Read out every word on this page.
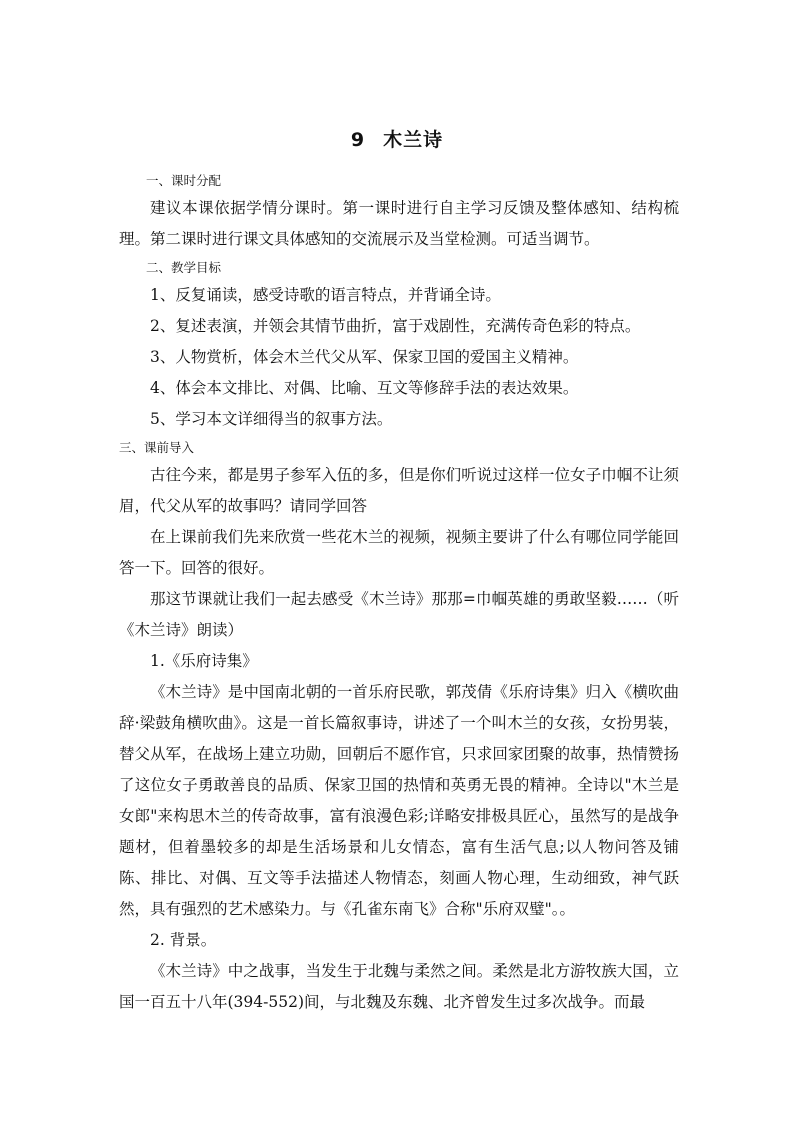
9 木兰诗
一、课时分配

建议本课依据学情分课时。第一课时进行自主学习反馈及整体感知、结构梳理。第二课时进行课文具体感知的交流展示及当堂检测。可适当调节。

二、教学目标

1、反复诵读，感受诗歌的语言特点，并背诵全诗。

2、复述表演，并领会其情节曲折，富于戏剧性，充满传奇色彩的特点。

3、人物赏析，体会木兰代父从军、保家卫国的爱国主义精神。

4、体会本文排比、对偶、比喻、互文等修辞手法的表达效果。

5、学习本文详细得当的叙事方法。

三、课前导入

古往今来，都是男子参军入伍的多，但是你们听说过这样一位女子巾帼不让须眉，代父从军的故事吗？请同学回答

在上课前我们先来欣赏一些花木兰的视频，视频主要讲了什么有哪位同学能回答一下。回答的很好。

那这节课就让我们一起去感受《木兰诗》那那=巾帼英雄的勇敢坚毅……（听《木兰诗》朗读）

1.《乐府诗集》

《木兰诗》是中国南北朝的一首乐府民歌，郭茂倩《乐府诗集》归入《横吹曲辞·梁鼓角横吹曲》。这是一首长篇叙事诗，讲述了一个叫木兰的女孩，女扮男装，替父从军，在战场上建立功勋，回朝后不愿作官，只求回家团聚的故事，热情赞扬了这位女子勇敢善良的品质、保家卫国的热情和英勇无畏的精神。全诗以"木兰是女郎"来构思木兰的传奇故事，富有浪漫色彩;详略安排极具匠心，虽然写的是战争题材，但着墨较多的却是生活场景和儿女情态，富有生活气息;以人物问答及铺陈、排比、对偶、互文等手法描述人物情态，刻画人物心理，生动细致，神气跃然，具有强烈的艺术感染力。与《孔雀东南飞》合称"乐府双璧"。。

2. 背景。

《木兰诗》中之战事，当发生于北魏与柔然之间。柔然是北方游牧族大国，立国一百五十八年(394-552)间，与北魏及东魏、北齐曾发生过多次战争。而最
